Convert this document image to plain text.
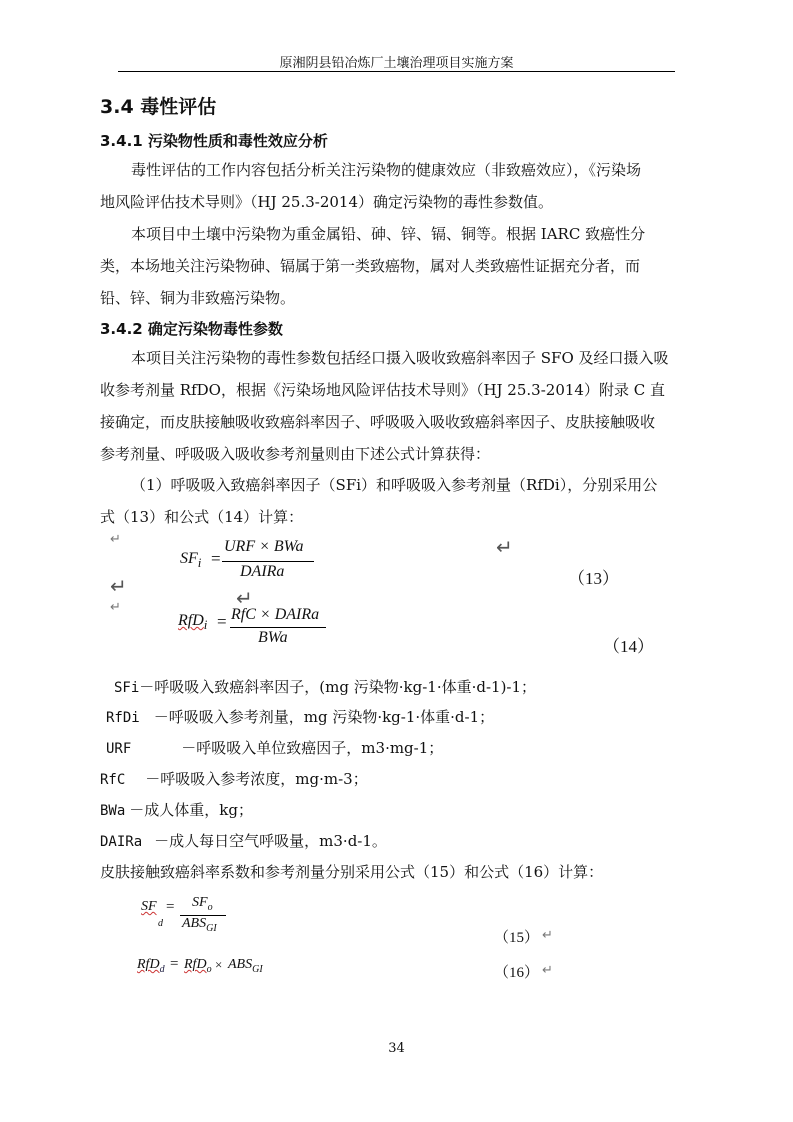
原湘阴县铅冶炼厂土壤治理项目实施方案
3.4 毒性评估
3.4.1 污染物性质和毒性效应分析
毒性评估的工作内容包括分析关注污染物的健康效应（非致癌效应），《污染场
地风险评估技术导则》（HJ 25.3-2014）确定污染物的毒性参数值。
本项目中土壤中污染物为重金属铅、砷、锌、镉、铜等。根据 IARC 致癌性分
类，本场地关注污染物砷、镉属于第一类致癌物，属对人类致癌性证据充分者，而
铅、锌、铜为非致癌污染物。
3.4.2 确定污染物毒性参数
本项目关注污染物的毒性参数包括经口摄入吸收致癌斜率因子 SFO 及经口摄入吸
收参考剂量 RfDO，根据《污染场地风险评估技术导则》（HJ 25.3-2014）附录 C 直
接确定，而皮肤接触吸收致癌斜率因子、呼吸吸入吸收致癌斜率因子、皮肤接触吸收
参考剂量、呼吸吸入吸收参考剂量则由下述公式计算获得：
（1）呼吸吸入致癌斜率因子（SFi）和呼吸吸入参考剂量（RfDi），分别采用公
式（13）和公式（14）计算：
↵	↵
↵
↵	↵
$SF_i$ =
URF × BWa
DAIRa	（13）
RfD$_i$ = RfC × DAIRa
BWa	（14）
SFi－呼吸吸入致癌斜率因子，(mg 污染物·kg-1·体重·d-1)-1；
RfDi －呼吸吸入参考剂量，mg 污染物·kg-1·体重·d-1；
URF	－呼吸吸入单位致癌因子，m3·mg-1；
RfC －呼吸吸入参考浓度，mg·m-3；
BWa －成人体重，kg；
DAIRa －成人每日空气呼吸量，m3·d-1。
皮肤接触致癌斜率系数和参考剂量分别采用公式（15）和公式（16）计算：
SF
d
= $SF_o$
$ABS_{GI}$
（15） ↵
$RfD_d = RfD_o \times ABS_{GI}$	（16） ↵
34
